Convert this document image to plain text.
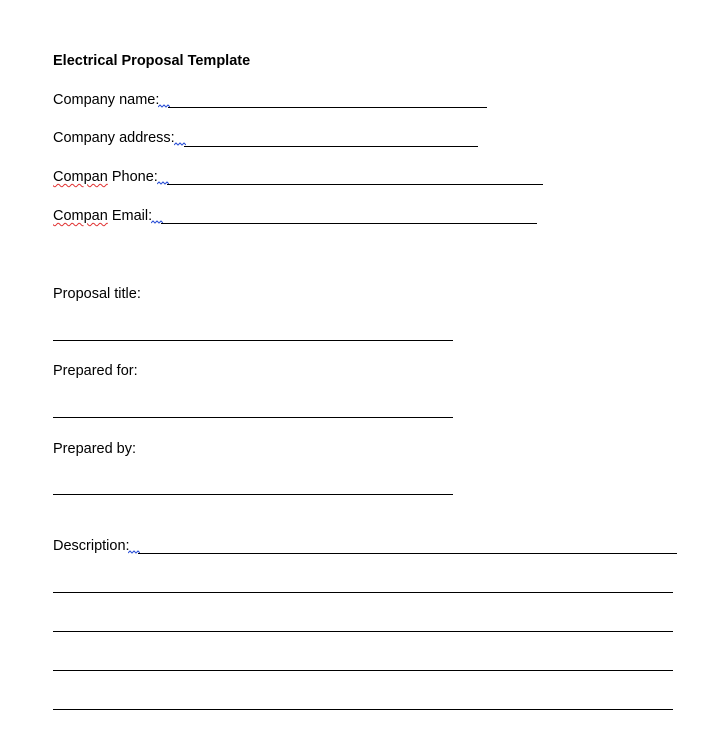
Electrical Proposal Template
Company name:
Company address:
Compan Phone:
Compan Email:
Proposal title:
Prepared for:
Prepared by:
Description:
